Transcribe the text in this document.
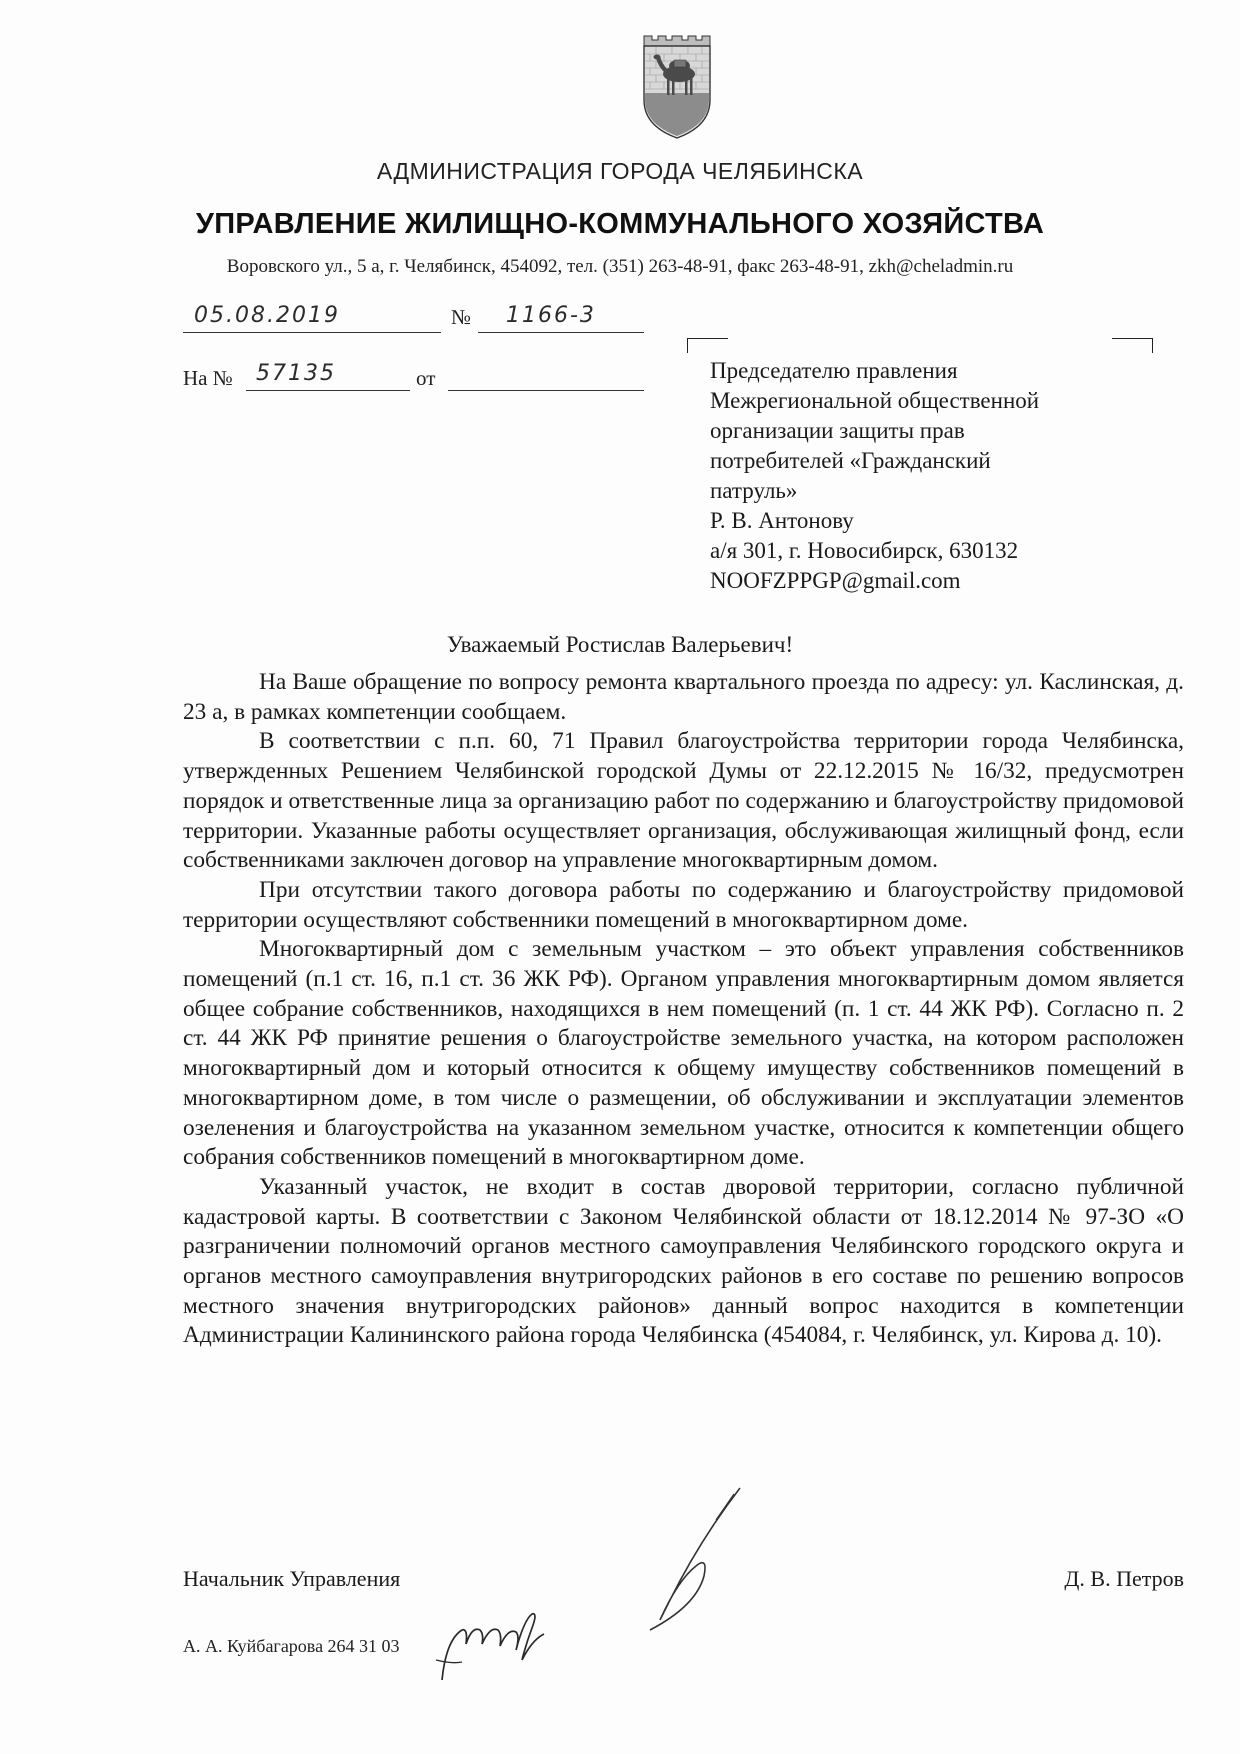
АДМИНИСТРАЦИЯ ГОРОДА ЧЕЛЯБИНСКА
УПРАВЛЕНИЕ ЖИЛИЩНО-КОММУНАЛЬНОГО ХОЗЯЙСТВА
Воровского ул., 5 а, г. Челябинск, 454092, тел. (351) 263-48-91, факс 263-48-91, zkh@cheladmin.ru
05.08.2019	№ 1166-3
На № 57135	от	Председателю правления
Межрегиональной общественной
организации защиты прав
потребителей «Гражданский
патруль»
Р. В. Антонову
а/я 301, г. Новосибирск, 630132
NOOFZPPGP@gmail.com
Уважаемый Ростислав Валерьевич!

На Ваше обращение по вопросу ремонта квартального проезда по адресу: ул. Каслинская, д. 23 а, в рамках компетенции сообщаем.

В соответствии с п.п. 60, 71 Правил благоустройства территории города Челябинска, утвержденных Решением Челябинской городской Думы от 22.12.2015 № 16/32, предусмотрен порядок и ответственные лица за организацию работ по содержанию и благоустройству придомовой территории. Указанные работы осуществляет организация, обслуживающая жилищный фонд, если собственниками заключен договор на управление многоквартирным домом.

При отсутствии такого договора работы по содержанию и благоустройству придомовой территории осуществляют собственники помещений в многоквартирном доме.

Многоквартирный дом с земельным участком – это объект управления собственников помещений (п.1 ст. 16, п.1 ст. 36 ЖК РФ). Органом управления многоквартирным домом является общее собрание собственников, находящихся в нем помещений (п. 1 ст. 44 ЖК РФ). Согласно п. 2 ст. 44 ЖК РФ принятие решения о благоустройстве земельного участка, на котором расположен многоквартирный дом и который относится к общему имуществу собственников помещений в многоквартирном доме, в том числе о размещении, об обслуживании и эксплуатации элементов озеленения и благоустройства на указанном земельном участке, относится к компетенции общего собрания собственников помещений в многоквартирном доме.

Указанный участок, не входит в состав дворовой территории, согласно публичной кадастровой карты. В соответствии с Законом Челябинской области от 18.12.2014 № 97-ЗО «О разграничении полномочий органов местного самоуправления Челябинского городского округа и органов местного самоуправления внутригородских районов в его составе по решению вопросов местного значения внутригородских районов» данный вопрос находится в компетенции Администрации Калининского района города Челябинска (454084, г. Челябинск, ул. Кирова д. 10).

Начальник Управления	Д. В. Петров
А. А. Куйбагарова 264 31 03
